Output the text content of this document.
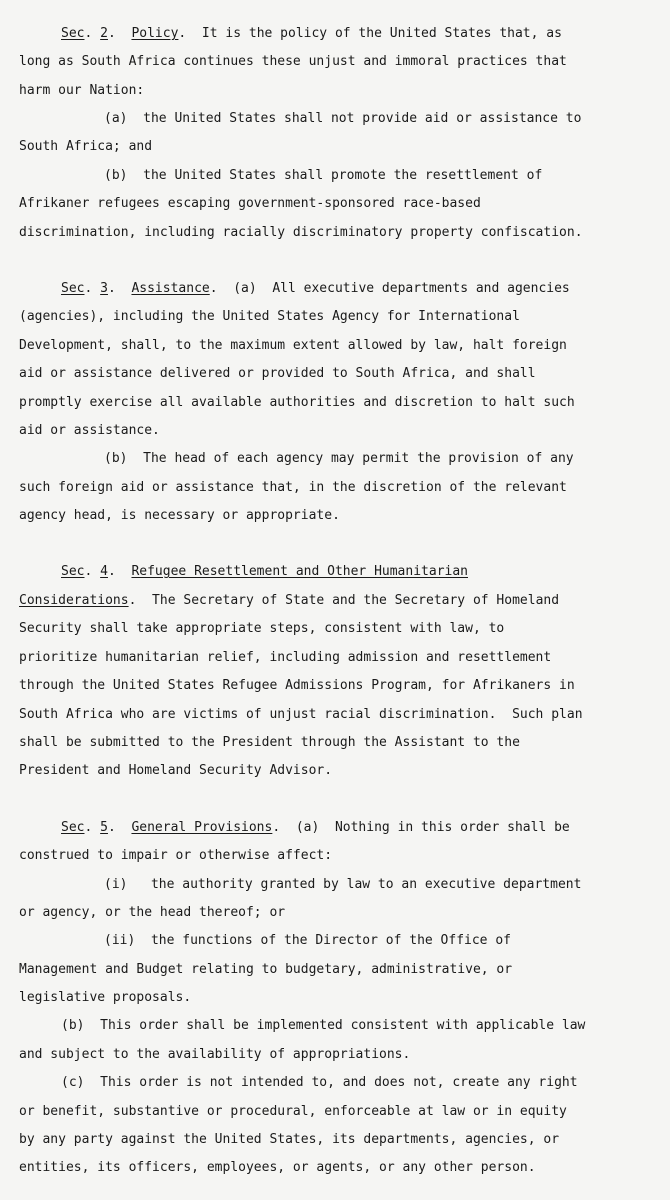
Sec. 2.  Policy.  It is the policy of the United States that, as
long as South Africa continues these unjust and immoral practices that
harm our Nation:
(a)  the United States shall not provide aid or assistance to
South Africa; and
(b)  the United States shall promote the resettlement of
Afrikaner refugees escaping government-sponsored race-based
discrimination, including racially discriminatory property confiscation.
Sec. 3.  Assistance.  (a)  All executive departments and agencies
(agencies), including the United States Agency for International
Development, shall, to the maximum extent allowed by law, halt foreign
aid or assistance delivered or provided to South Africa, and shall
promptly exercise all available authorities and discretion to halt such
aid or assistance.
(b)  The head of each agency may permit the provision of any
such foreign aid or assistance that, in the discretion of the relevant
agency head, is necessary or appropriate.
Sec. 4.  Refugee Resettlement and Other Humanitarian
Considerations.  The Secretary of State and the Secretary of Homeland
Security shall take appropriate steps, consistent with law, to
prioritize humanitarian relief, including admission and resettlement
through the United States Refugee Admissions Program, for Afrikaners in
South Africa who are victims of unjust racial discrimination.  Such plan
shall be submitted to the President through the Assistant to the
President and Homeland Security Advisor.
Sec. 5.  General Provisions.  (a)  Nothing in this order shall be
construed to impair or otherwise affect:
(i)   the authority granted by law to an executive department
or agency, or the head thereof; or
(ii)  the functions of the Director of the Office of
Management and Budget relating to budgetary, administrative, or
legislative proposals.
(b)  This order shall be implemented consistent with applicable law
and subject to the availability of appropriations.
(c)  This order is not intended to, and does not, create any right
or benefit, substantive or procedural, enforceable at law or in equity
by any party against the United States, its departments, agencies, or
entities, its officers, employees, or agents, or any other person.
